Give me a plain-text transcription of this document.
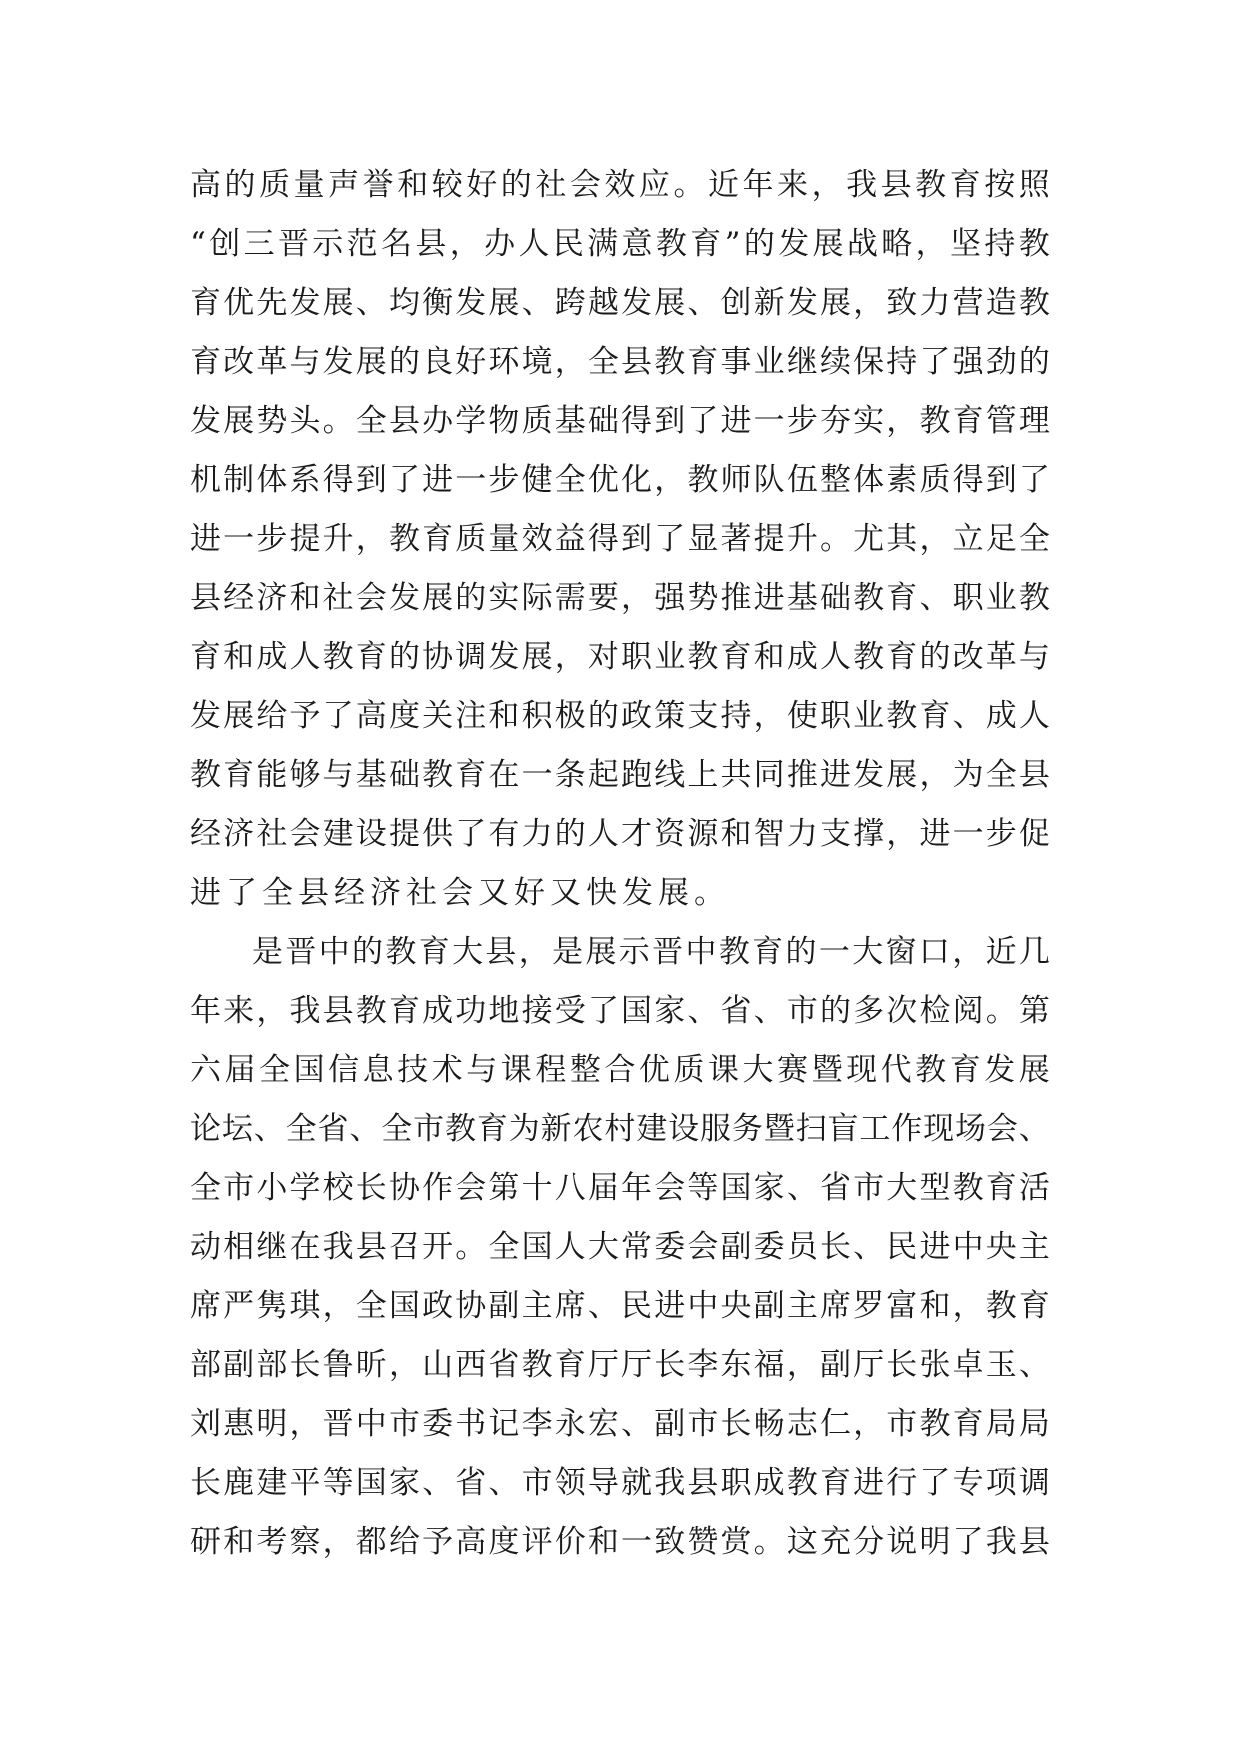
高 的 质 量 声 誉 和 较 好 的 社 会 效 应 。 近 年 来 ， 我 县 教 育 按 照
“ 创 三 晋 示 范 名 县 ， 办 人 民 满 意 教 育 ” 的 发 展 战 略 ， 坚 持 教
育 优 先 发 展 、 均 衡 发 展 、 跨 越 发 展 、 创 新 发 展 ， 致 力 营 造 教
育 改 革 与 发 展 的 良 好 环 境 ， 全 县 教 育 事 业 继 续 保 持 了 强 劲 的
发 展 势 头 。 全 县 办 学 物 质 基 础 得 到 了 进 一 步 夯 实 ， 教 育 管 理
机 制 体 系 得 到 了 进 一 步 健 全 优 化 ， 教 师 队 伍 整 体 素 质 得 到 了
进 一 步 提 升 ， 教 育 质 量 效 益 得 到 了 显 著 提 升 。 尤 其 ， 立 足 全
县 经 济 和 社 会 发 展 的 实 际 需 要 ， 强 势 推 进 基 础 教 育 、 职 业 教
育 和 成 人 教 育 的 协 调 发 展 ， 对 职 业 教 育 和 成 人 教 育 的 改 革 与
发 展 给 予 了 高 度 关 注 和 积 极 的 政 策 支 持 ， 使 职 业 教 育 、 成 人
教 育 能 够 与 基 础 教 育 在 一 条 起 跑 线 上 共 同 推 进 发 展 ， 为 全 县
经 济 社 会 建 设 提 供 了 有 力 的 人 才 资 源 和 智 力 支 撑 ， 进 一 步 促
进了全县经济社会又好又快发展。
是 晋 中 的 教 育 大 县 ， 是 展 示 晋 中 教 育 的 一 大 窗 口 ， 近 几
年 来 ， 我 县 教 育 成 功 地 接 受 了 国 家 、 省 、 市 的 多 次 检 阅 。 第
六 届 全 国 信 息 技 术 与 课 程 整 合 优 质 课 大 赛 暨 现 代 教 育 发 展
论 坛 、 全 省 、 全 市 教 育 为 新 农 村 建 设 服 务 暨 扫 盲 工 作 现 场 会 、
全 市 小 学 校 长 协 作 会 第 十 八 届 年 会 等 国 家 、 省 市 大 型 教 育 活
动 相 继 在 我 县 召 开 。 全 国 人 大 常 委 会 副 委 员 长 、 民 进 中 央 主
席 严 隽 琪 ， 全 国 政 协 副 主 席 、 民 进 中 央 副 主 席 罗 富 和 ， 教 育
部 副 部 长 鲁 昕 ， 山 西 省 教 育 厅 厅 长 李 东 福 ， 副 厅 长 张 卓 玉 、
刘 惠 明 ， 晋 中 市 委 书 记 李 永 宏 、 副 市 长 畅 志 仁 ， 市 教 育 局 局
长 鹿 建 平 等 国 家 、 省 、 市 领 导 就 我 县 职 成 教 育 进 行 了 专 项 调
研 和 考 察 ， 都 给 予 高 度 评 价 和 一 致 赞 赏 。 这 充 分 说 明 了 我 县
